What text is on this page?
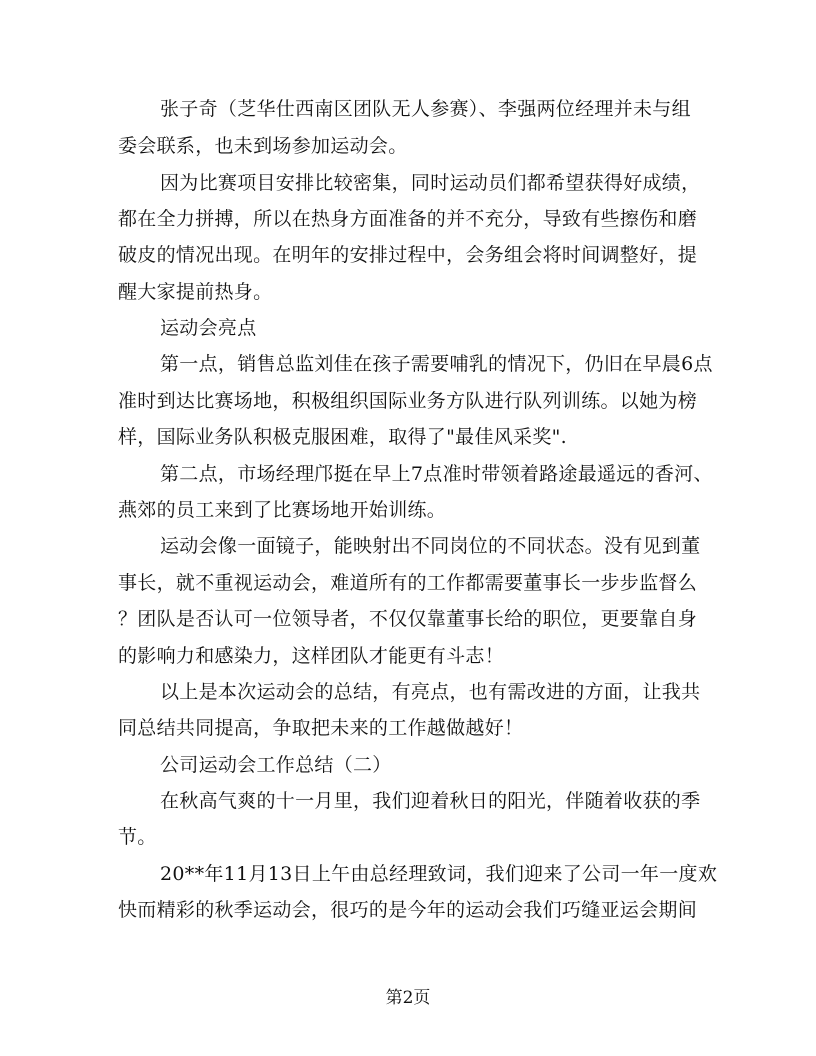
张子奇（芝华仕西南区团队无人参赛）、李强两位经理并未与组
委会联系，也未到场参加运动会。
因为比赛项目安排比较密集，同时运动员们都希望获得好成绩，
都在全力拼搏，所以在热身方面准备的并不充分，导致有些擦伤和磨
破皮的情况出现。在明年的安排过程中，会务组会将时间调整好，提
醒大家提前热身。
运动会亮点
第一点，销售总监刘佳在孩子需要哺乳的情况下，仍旧在早晨6点
准时到达比赛场地，积极组织国际业务方队进行队列训练。以她为榜
样，国际业务队积极克服困难，取得了"最佳风采奖".
第二点，市场经理邝挺在早上7点准时带领着路途最遥远的香河、
燕郊的员工来到了比赛场地开始训练。
运动会像一面镜子，能映射出不同岗位的不同状态。没有见到董
事长，就不重视运动会，难道所有的工作都需要董事长一步步监督么
？团队是否认可一位领导者，不仅仅靠董事长给的职位，更要靠自身
的影响力和感染力，这样团队才能更有斗志！
以上是本次运动会的总结，有亮点，也有需改进的方面，让我共
同总结共同提高，争取把未来的工作越做越好！
公司运动会工作总结（二）
在秋高气爽的十一月里，我们迎着秋日的阳光，伴随着收获的季
节。
20**年11月13日上午由总经理致词，我们迎来了公司一年一度欢
快而精彩的秋季运动会，很巧的是今年的运动会我们巧缝亚运会期间
第2页
